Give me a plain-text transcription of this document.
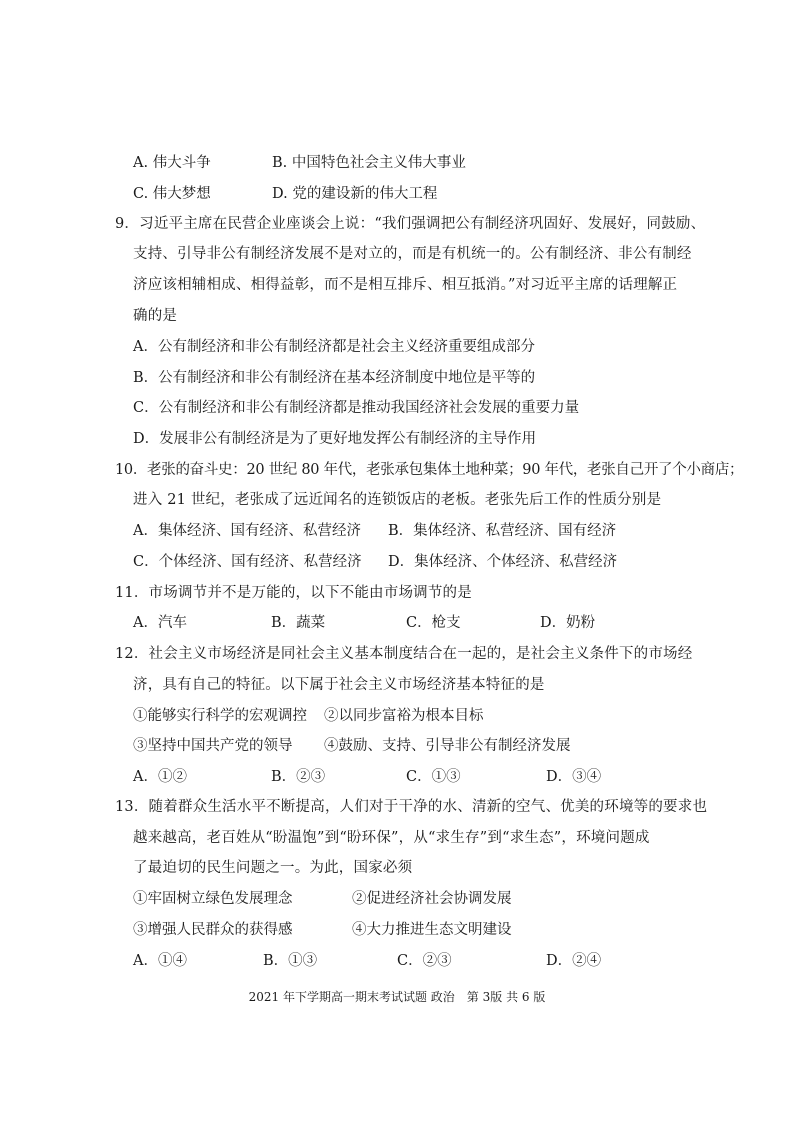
A. 伟大斗争	B. 中国特色社会主义伟大事业
C. 伟大梦想	D. 党的建设新的伟大工程
9．习近平主席在民营企业座谈会上说：“我们强调把公有制经济巩固好、发展好，同鼓励、
支持、引导非公有制经济发展不是对立的，而是有机统一的。公有制经济、非公有制经
济应该相辅相成、相得益彰，而不是相互排斥、相互抵消。”对习近平主席的话理解正
确的是
A．公有制经济和非公有制经济都是社会主义经济重要组成部分
B．公有制经济和非公有制经济在基本经济制度中地位是平等的
C．公有制经济和非公有制经济都是推动我国经济社会发展的重要力量
D．发展非公有制经济是为了更好地发挥公有制经济的主导作用
10．老张的奋斗史：20 世纪 80 年代，老张承包集体土地种菜；90 年代，老张自己开了个小商店；
进入 21 世纪，老张成了远近闻名的连锁饭店的老板。老张先后工作的性质分别是
A．集体经济、国有经济、私营经济 B．集体经济、私营经济、国有经济
C．个体经济、国有经济、私营经济 D．集体经济、个体经济、私营经济
11．市场调节并不是万能的，以下不能由市场调节的是
A．汽车	B．蔬菜	C．枪支	D．奶粉
12．社会主义市场经济是同社会主义基本制度结合在一起的，是社会主义条件下的市场经
济，具有自己的特征。以下属于社会主义市场经济基本特征的是
①能够实行科学的宏观调控 ②以同步富裕为根本目标
③坚持中国共产党的领导 ④鼓励、支持、引导非公有制经济发展
A．①②	B．②③	C．①③	D．③④
13．随着群众生活水平不断提高，人们对于干净的水、清新的空气、优美的环境等的要求也
越来越高，老百姓从“盼温饱”到“盼环保”，从“求生存”到“求生态”，环境问题成
了最迫切的民生问题之一。为此，国家必须
①牢固树立绿色发展理念	②促进经济社会协调发展
③增强人民群众的获得感	④大力推进生态文明建设
A．①④	B．①③	C．②③	D．②④
2021 年下学期高一期末考试试题 政治　第 3版 共 6 版
